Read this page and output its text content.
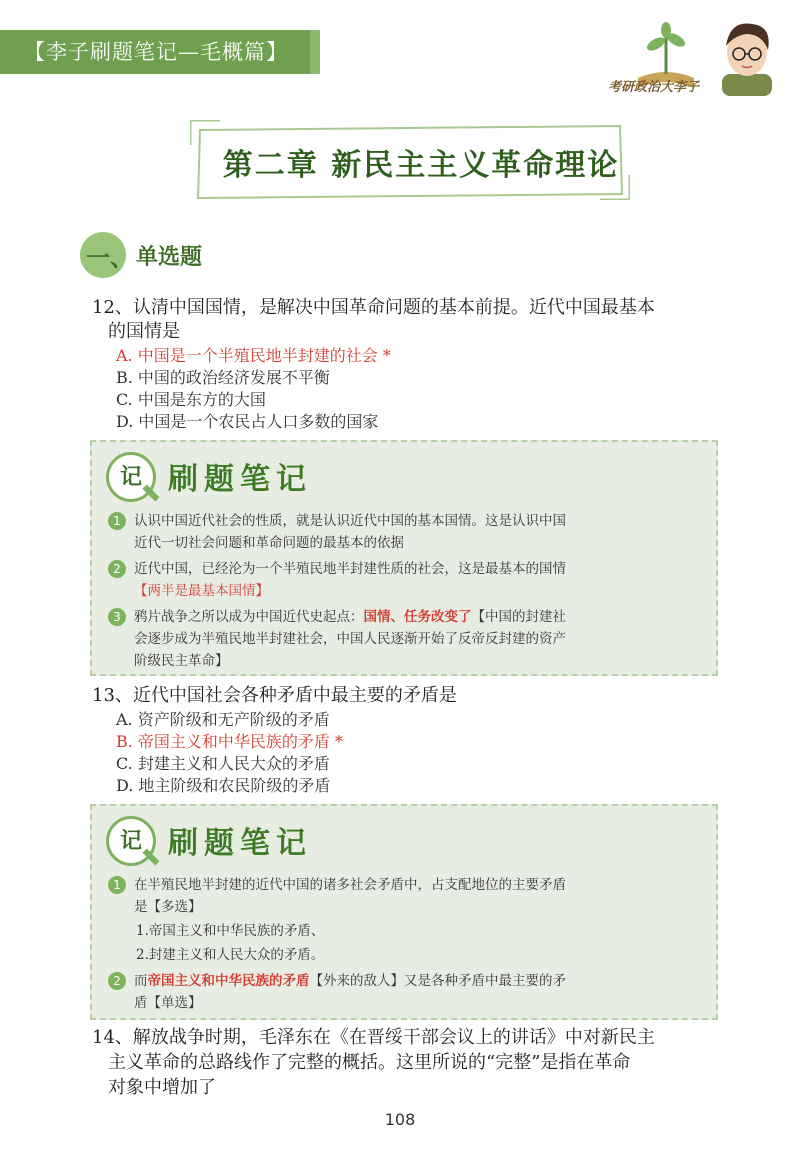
【李子刷题笔记—毛概篇】
考研政治大李子
第二章 新民主主义革命理论
一、 单选题
12、认清中国国情，是解决中国革命问题的基本前提。近代中国最基本
的国情是
A. 中国是一个半殖民地半封建的社会 *
B. 中国的政治经济发展不平衡
C. 中国是东方的大国
D. 中国是一个农民占人口多数的国家
记 刷题笔记
1 认识中国近代社会的性质，就是认识近代中国的基本国情。这是认识中国
近代一切社会问题和革命问题的最基本的依据
2 近代中国，已经沦为一个半殖民地半封建性质的社会，这是最基本的国情
【两半是最基本国情】
3 鸦片战争之所以成为中国近代史起点：国情、任务改变了【中国的封建社
会逐步成为半殖民地半封建社会，中国人民逐渐开始了反帝反封建的资产
阶级民主革命】
13、近代中国社会各种矛盾中最主要的矛盾是
A. 资产阶级和无产阶级的矛盾
B. 帝国主义和中华民族的矛盾 *
C. 封建主义和人民大众的矛盾
D. 地主阶级和农民阶级的矛盾
记 刷题笔记
1 在半殖民地半封建的近代中国的诸多社会矛盾中，占支配地位的主要矛盾
是【多选】
1.帝国主义和中华民族的矛盾、
2.封建主义和人民大众的矛盾。
2 而帝国主义和中华民族的矛盾【外来的敌人】又是各种矛盾中最主要的矛
盾【单选】
14、解放战争时期，毛泽东在《在晋绥干部会议上的讲话》中对新民主
主义革命的总路线作了完整的概括。这里所说的“完整”是指在革命
对象中增加了
108
